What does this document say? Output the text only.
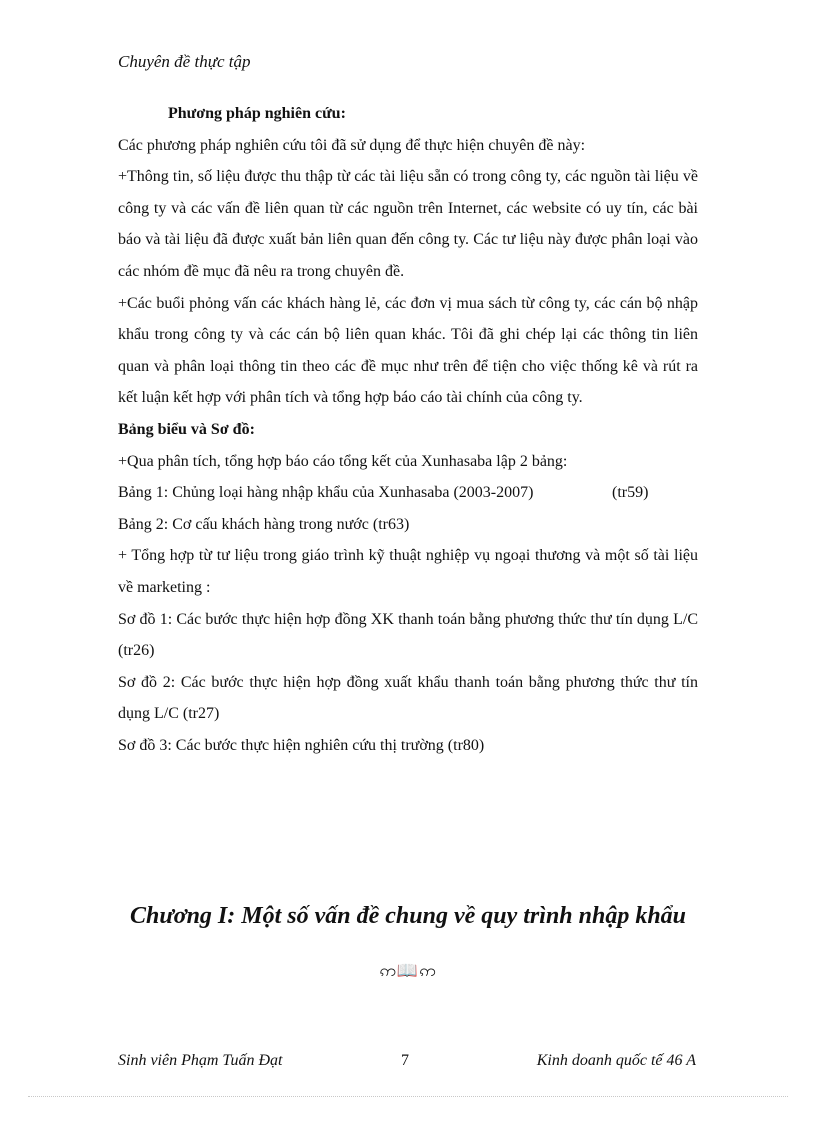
Chuyên đề thực tập

Phương pháp nghiên cứu:

Các phương pháp nghiên cứu tôi đã sử dụng để thực hiện chuyên đề này:

+Thông tin, số liệu được thu thập từ các tài liệu sẵn có trong công ty, các nguồn tài liệu về công ty và các vấn đề liên quan từ các nguồn trên Internet, các website có uy tín, các bài báo và tài liệu đã được xuất bản liên quan đến công ty. Các tư liệu này được phân loại vào các nhóm đề mục đã nêu ra trong chuyên đề.

+Các buổi phỏng vấn các khách hàng lẻ, các đơn vị mua sách từ công ty, các cán bộ nhập khẩu trong công ty và các cán bộ liên quan khác. Tôi đã ghi chép lại các thông tin liên quan và phân loại thông tin theo các đề mục như trên để tiện cho việc thống kê và rút ra kết luận kết hợp với phân tích và tổng hợp báo cáo tài chính của công ty.

Bảng biểu và Sơ đồ:

+Qua phân tích, tổng hợp báo cáo tổng kết của Xunhasaba lập 2 bảng:

Bảng 1: Chủng loại hàng nhập khẩu của Xunhasaba (2003-2007)	(tr59)

Bảng 2: Cơ cấu khách hàng trong nước (tr63)

+ Tổng hợp từ tư liệu trong giáo trình kỹ thuật nghiệp vụ ngoại thương và một số tài liệu về marketing :

Sơ đồ 1: Các bước thực hiện hợp đồng XK thanh toán bằng phương thức thư tín dụng L/C (tr26)

Sơ đồ 2: Các bước thực hiện hợp đồng xuất khẩu thanh toán bằng phương thức thư tín dụng L/C (tr27)

Sơ đồ 3: Các bước thực hiện nghiên cứu thị trường (tr80)

Chương I: Một số vấn đề chung về quy trình nhập khẩu
ဢ📖ဢ
Sinh viên Phạm Tuấn Đạt	7	Kinh doanh quốc tế 46 A
